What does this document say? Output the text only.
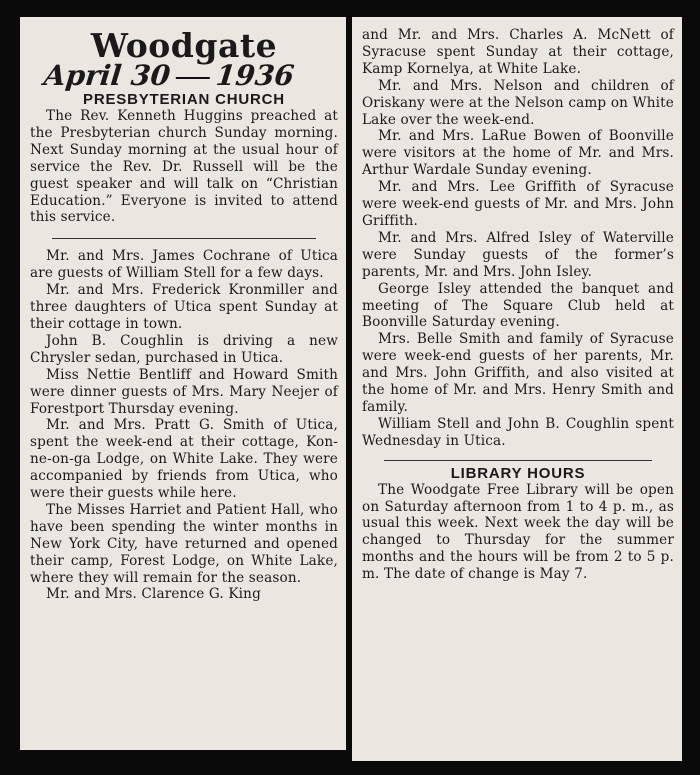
Woodgate
April 30 1936
PRESBYTERIAN CHURCH

The Rev. Kenneth Huggins preached at the Presbyterian church Sunday morning. Next Sunday morning at the usual hour of service the Rev. Dr. Russell will be the guest speaker and will talk on “Christian Education.” Everyone is invited to attend this service.

Mr. and Mrs. James Cochrane of Utica are guests of William Stell for a few days.

Mr. and Mrs. Frederick Kronmiller and three daughters of Utica spent Sunday at their cottage in town.

John B. Coughlin is driving a new Chrysler sedan, purchased in Utica.

Miss Nettie Bentliff and Howard Smith were dinner guests of Mrs. Mary Neejer of Forestport Thursday evening.

Mr. and Mrs. Pratt G. Smith of Utica, spent the week-end at their cottage, Kon-ne-on-ga Lodge, on White Lake. They were accompanied by friends from Utica, who were their guests while here.

The Misses Harriet and Patient Hall, who have been spending the winter months in New York City, have returned and opened their camp, Forest Lodge, on White Lake, where they will remain for the season.

Mr. and Mrs. Clarence G. King

and Mr. and Mrs. Charles A. McNett of Syracuse spent Sunday at their cottage, Kamp Kornelya, at White Lake.

Mr. and Mrs. Nelson and children of Oriskany were at the Nelson camp on White Lake over the week-end.

Mr. and Mrs. LaRue Bowen of Boonville were visitors at the home of Mr. and Mrs. Arthur Wardale Sunday evening.

Mr. and Mrs. Lee Griffith of Syracuse were week-end guests of Mr. and Mrs. John Griffith.

Mr. and Mrs. Alfred Isley of Waterville were Sunday guests of the former’s parents, Mr. and Mrs. John Isley.

George Isley attended the banquet and meeting of The Square Club held at Boonville Saturday evening.

Mrs. Belle Smith and family of Syracuse were week-end guests of her parents, Mr. and Mrs. John Griffith, and also visited at the home of Mr. and Mrs. Henry Smith and family.

William Stell and John B. Coughlin spent Wednesday in Utica.

LIBRARY HOURS

The Woodgate Free Library will be open on Saturday afternoon from 1 to 4 p. m., as usual this week. Next week the day will be changed to Thursday for the summer months and the hours will be from 2 to 5 p. m. The date of change is May 7.
